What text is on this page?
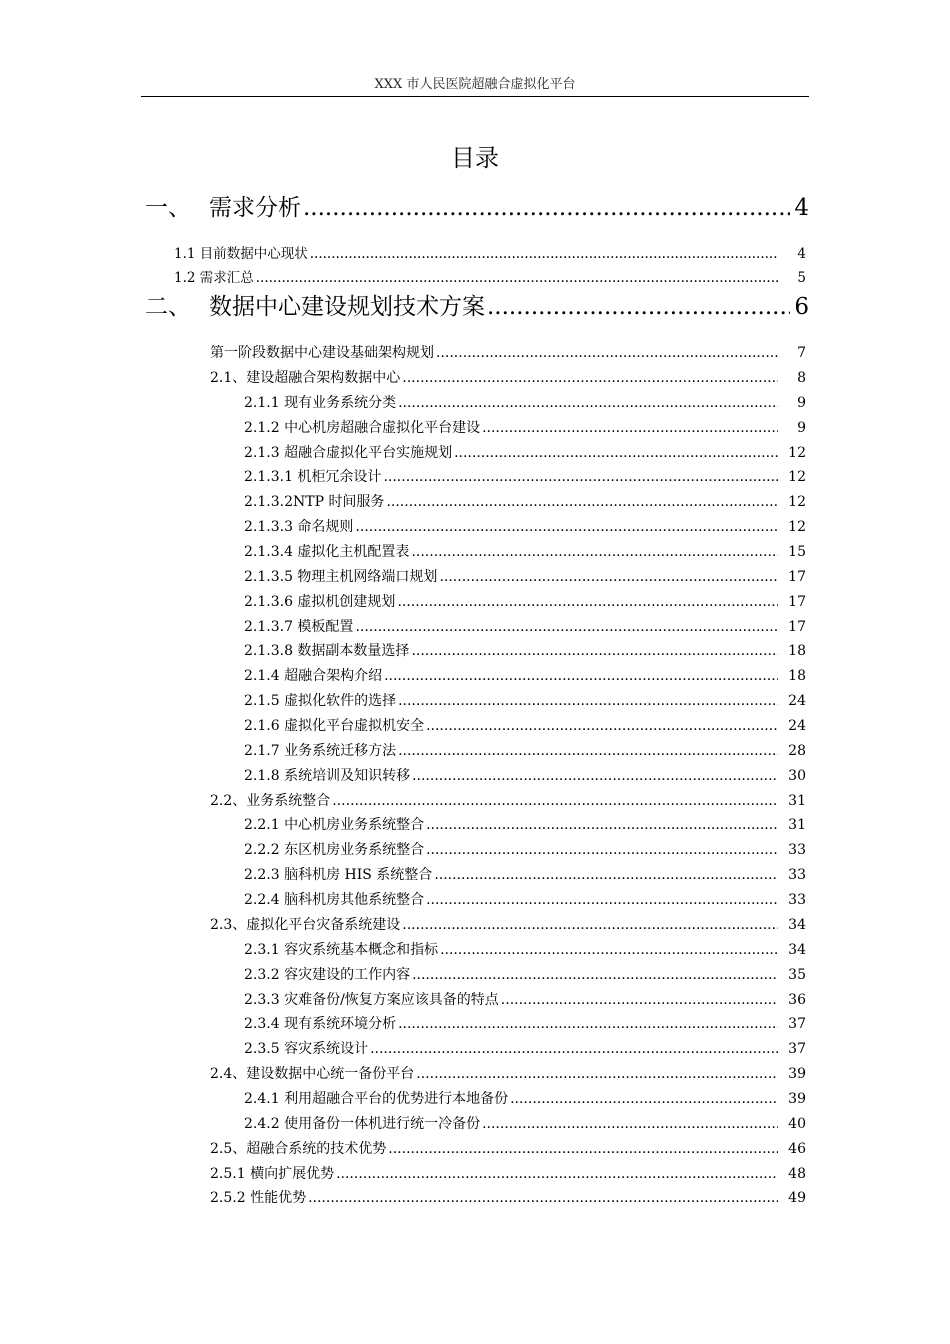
XXX 市人民医院超融合虚拟化平台
目录
一、 需求分析 .....	4
1.1 目前数据中心现状 .....	4
1.2 需求汇总 .....	5
二、 数据中心建设规划技术方案 .....	6
第一阶段数据中心建设基础架构规划 .....	7
2.1、建设超融合架构数据中心 .....	8
2.1.1 现有业务系统分类 .....	9
2.1.2 中心机房超融合虚拟化平台建设 .....	9
2.1.3 超融合虚拟化平台实施规划 .....	12
2.1.3.1 机柜冗余设计 .....	12
2.1.3.2NTP 时间服务 .....	12
2.1.3.3 命名规则 .....	12
2.1.3.4 虚拟化主机配置表 .....	15
2.1.3.5 物理主机网络端口规划 .....	17
2.1.3.6 虚拟机创建规划 .....	17
2.1.3.7 模板配置 .....	17
2.1.3.8 数据副本数量选择 .....	18
2.1.4 超融合架构介绍 .....	18
2.1.5 虚拟化软件的选择 .....	24
2.1.6 虚拟化平台虚拟机安全 .....	24
2.1.7 业务系统迁移方法 .....	28
2.1.8 系统培训及知识转移 .....	30
2.2、业务系统整合 .....	31
2.2.1 中心机房业务系统整合 .....	31
2.2.2 东区机房业务系统整合 .....	33
2.2.3 脑科机房 HIS 系统整合 .....	33
2.2.4 脑科机房其他系统整合 .....	33
2.3、虚拟化平台灾备系统建设 .....	34
2.3.1 容灾系统基本概念和指标 .....	34
2.3.2 容灾建设的工作内容 .....	35
2.3.3 灾难备份/恢复方案应该具备的特点 .....	36
2.3.4 现有系统环境分析 .....	37
2.3.5 容灾系统设计 .....	37
2.4、建设数据中心统一备份平台 .....	39
2.4.1 利用超融合平台的优势进行本地备份 .....	39
2.4.2 使用备份一体机进行统一冷备份 .....	40
2.5、超融合系统的技术优势 .....	46
2.5.1 横向扩展优势 .....	48
2.5.2 性能优势 .....	49
